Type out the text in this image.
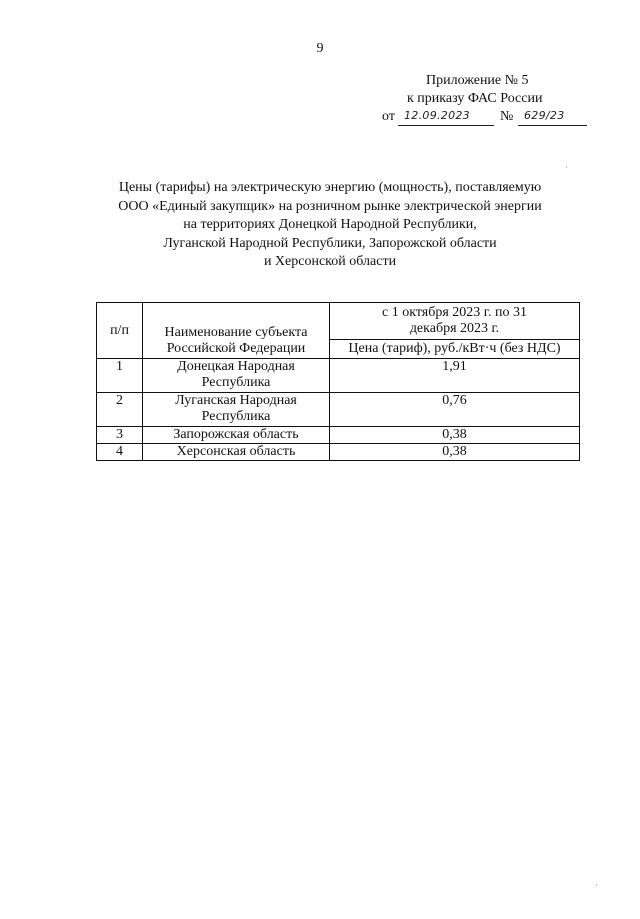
9
Приложение № 5
к приказу ФАС России
от 12.09.2023 № 629/23
Цены (тарифы) на электрическую энергию (мощность), поставляемую
ООО «Единый закупщик» на розничном рынке электрической энергии
на территориях Донецкой Народной Республики,
Луганской Народной Республики, Запорожской области
и Херсонской области
п/п	Наименование субъекта Российской Федерации	с 1 октября 2023 г. по 31 декабря 2023 г.

		Цена (тариф), руб./кВт·ч (без НДС)
1	Донецкая Народная Республика	1,91
2	Луганская Народная Республика	0,76
3	Запорожская область	0,38
4	Херсонская область	0,38
